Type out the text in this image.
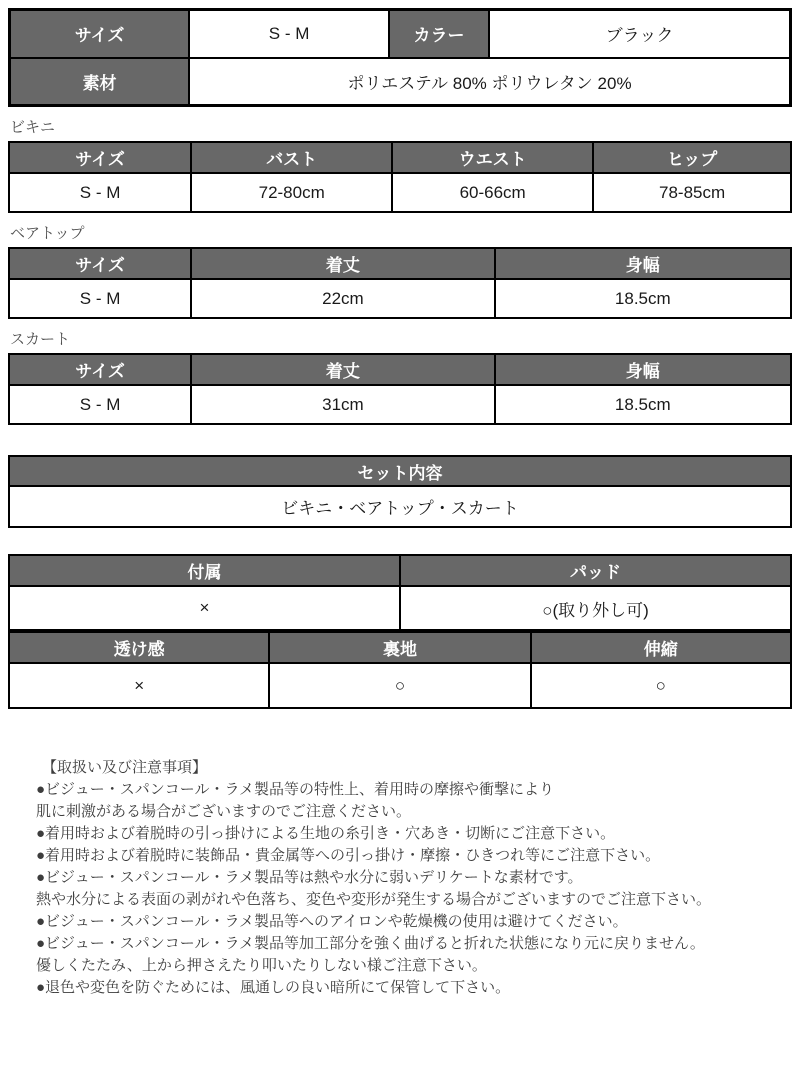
サイズ	S - M	カラー	ブラック
素材	ポリエステル 80% ポリウレタン 20%		
ビキニ
サイズ	バスト	ウエスト	ヒップ
S - M	72-80cm	60-66cm	78-85cm
ベアトップ
サイズ	着丈	身幅
S - M	22cm	18.5cm
スカート
サイズ	着丈	身幅
S - M	31cm	18.5cm
セット内容
ビキニ・ベアトップ・スカート
付属	パッド
×	○(取り外し可)
透け感	裏地	伸縮
×	○	○
【取扱い及び注意事項】
●ビジュー・スパンコール・ラメ製品等の特性上、着用時の摩擦や衝撃により
肌に刺激がある場合がございますのでご注意ください。
●着用時および着脱時の引っ掛けによる生地の糸引き・穴あき・切断にご注意下さい。
●着用時および着脱時に装飾品・貴金属等への引っ掛け・摩擦・ひきつれ等にご注意下さい。
●ビジュー・スパンコール・ラメ製品等は熱や水分に弱いデリケートな素材です。
熱や水分による表面の剥がれや色落ち、変色や変形が発生する場合がございますのでご注意下さい。
●ビジュー・スパンコール・ラメ製品等へのアイロンや乾燥機の使用は避けてください。
●ビジュー・スパンコール・ラメ製品等加工部分を強く曲げると折れた状態になり元に戻りません。
優しくたたみ、上から押さえたり叩いたりしない様ご注意下さい。
●退色や変色を防ぐためには、風通しの良い暗所にて保管して下さい。
